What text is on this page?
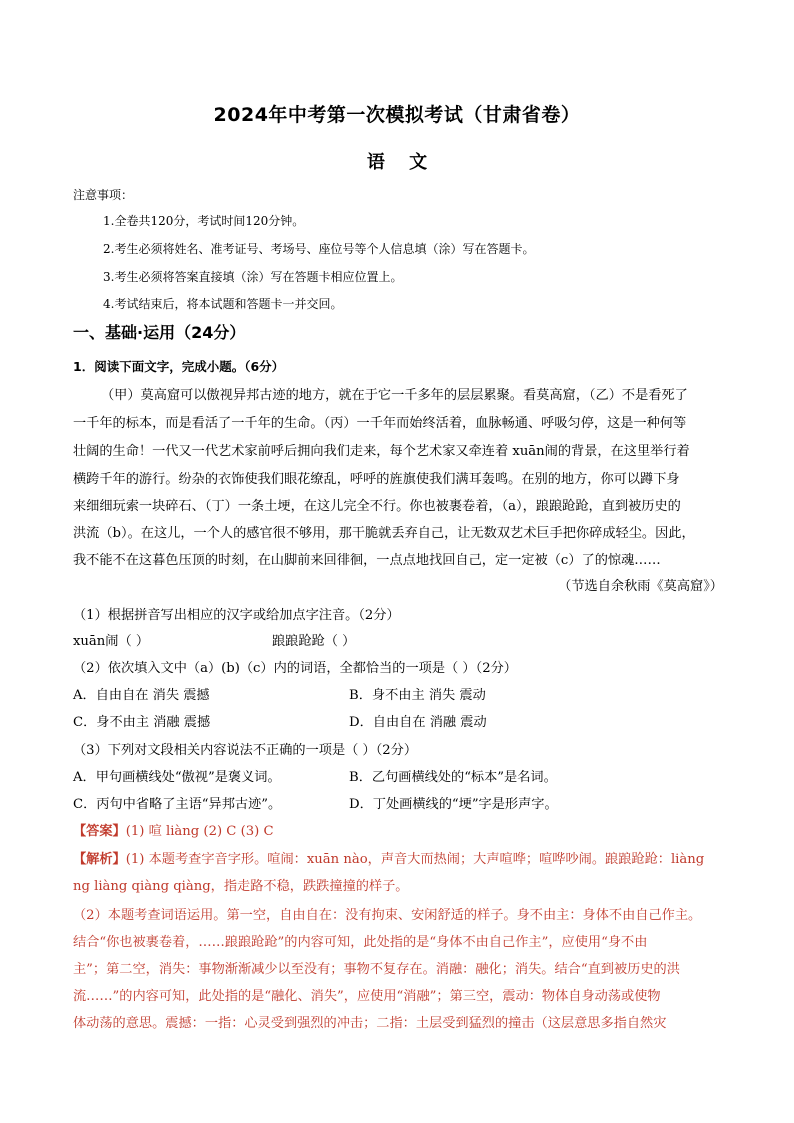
2024年中考第一次模拟考试（甘肃省卷）
语 文
注意事项：
1.全卷共120分，考试时间120分钟。
2.考生必须将姓名、准考证号、考场号、座位号等个人信息填（涂）写在答题卡。
3.考生必须将答案直接填（涂）写在答题卡相应位置上。
4.考试结束后，将本试题和答题卡一并交回。
一、基础·运用（24分）
1．阅读下面文字，完成小题。（6分）
（甲）莫高窟可以傲视异邦古迹的地方，就在于它一千多年的层层累聚。看莫高窟，（乙）不是看死了
一千年的标本，而是看活了一千年的生命。（丙）一千年而始终活着，血脉畅通、呼吸匀停，这是一种何等
壮阔的生命！一代又一代艺术家前呼后拥向我们走来，每个艺术家又牵连着 xuān闹的背景，在这里举行着
横跨千年的游行。纷杂的衣饰使我们眼花缭乱，呼呼的旌旗使我们满耳轰鸣。在别的地方，你可以蹲下身
来细细玩索一块碎石、（丁）一条土埂，在这儿完全不行。你也被裹卷着，（a），踉踉跄跄，直到被历史的
洪流（b）。在这儿，一个人的感官很不够用，那干脆就丢弃自己，让无数双艺术巨手把你碎成轻尘。因此，
我不能不在这暮色压顶的时刻，在山脚前来回徘徊，一点点地找回自己，定一定被（c）了的惊魂……
（节选自余秋雨《莫高窟》）
（1）根据拼音写出相应的汉字或给加点字注音。（2分）
xuān闹（ ）	踉踉跄跄（ ）
（2）依次填入文中（a）(b)（c）内的词语，全都恰当的一项是（ ）（2分）
A．自由自在 消失 震撼	B．身不由主 消失 震动
C．身不由主 消融 震撼	D．自由自在 消融 震动
（3）下列对文段相关内容说法不正确的一项是（ ）（2分）
A．甲句画横线处“傲视”是褒义词。	B．乙句画横线处的“标本”是名词。
C．丙句中省略了主语“异邦古迹”。	D．丁处画横线的“埂”字是形声字。
【答案】(1) 喧 liàng (2) C (3) C
【解析】(1) 本题考查字音字形。喧闹：xuān nào，声音大而热闹；大声喧哗；喧哗吵闹。踉踉跄跄：liàng
ng liàng qiàng qiàng，指走路不稳，跌跌撞撞的样子。
（2）本题考查词语运用。第一空，自由自在：没有拘束、安闲舒适的样子。身不由主：身体不由自己作主。
结合“你也被裹卷着，……踉踉跄跄”的内容可知，此处指的是“身体不由自己作主”，应使用“身不由
主”；第二空，消失：事物渐渐减少以至没有；事物不复存在。消融：融化；消失。结合“直到被历史的洪
流……”的内容可知，此处指的是“融化、消失”，应使用“消融”；第三空，震动：物体自身动荡或使物
体动荡的意思。震撼：一指：心灵受到强烈的冲击；二指：土层受到猛烈的撞击（这层意思多指自然灾
